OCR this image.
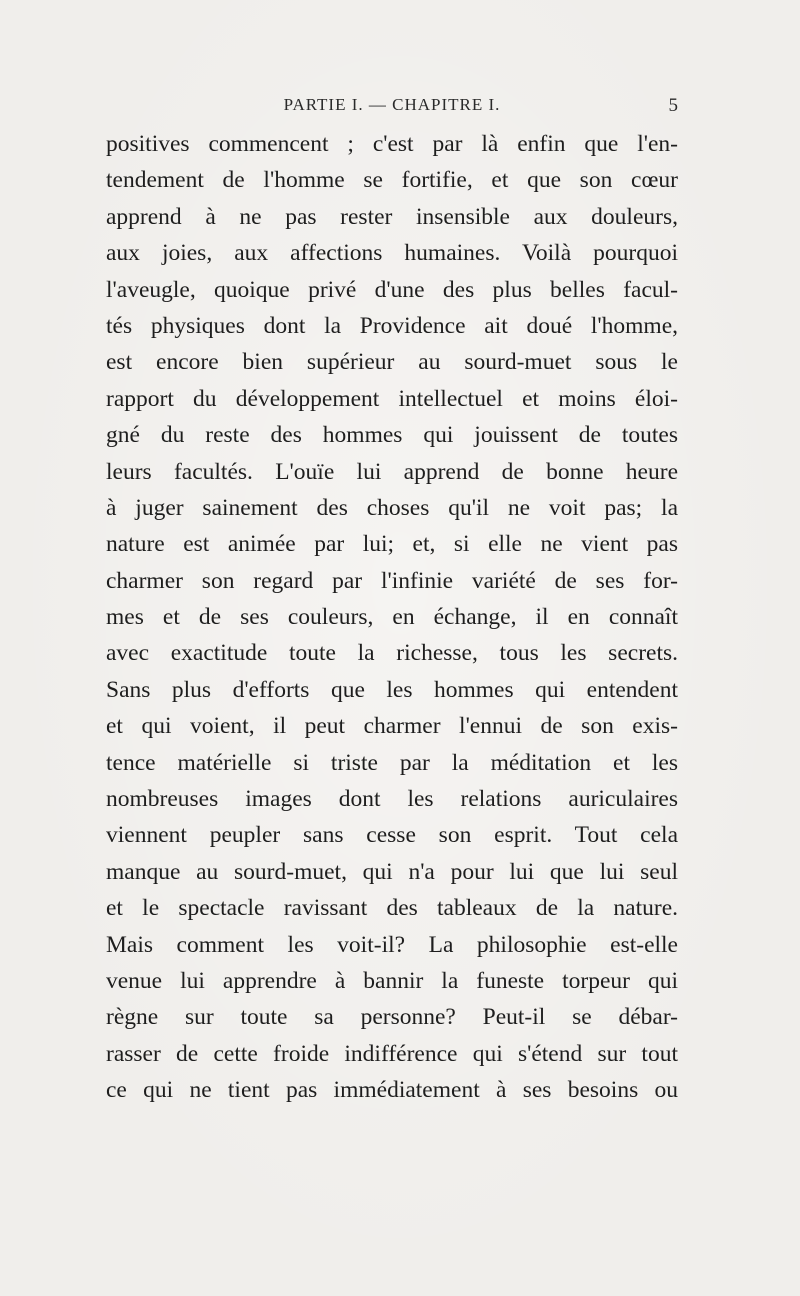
PARTIE I. — CHAPITRE I.	5
positives commencent ; c'est par là enfin que l'en-
tendement de l'homme se fortifie, et que son cœur
apprend à ne pas rester insensible aux douleurs,
aux joies, aux affections humaines. Voilà pourquoi
l'aveugle, quoique privé d'une des plus belles facul-
tés physiques dont la Providence ait doué l'homme,
est encore bien supérieur au sourd-muet sous le
rapport du développement intellectuel et moins éloi-
gné du reste des hommes qui jouissent de toutes
leurs facultés. L'ouïe lui apprend de bonne heure
à juger sainement des choses qu'il ne voit pas; la
nature est animée par lui; et, si elle ne vient pas
charmer son regard par l'infinie variété de ses for-
mes et de ses couleurs, en échange, il en connaît
avec exactitude toute la richesse, tous les secrets.
Sans plus d'efforts que les hommes qui entendent
et qui voient, il peut charmer l'ennui de son exis-
tence matérielle si triste par la méditation et les
nombreuses images dont les relations auriculaires
viennent peupler sans cesse son esprit. Tout cela
manque au sourd-muet, qui n'a pour lui que lui seul
et le spectacle ravissant des tableaux de la nature.
Mais comment les voit-il? La philosophie est-elle
venue lui apprendre à bannir la funeste torpeur qui
règne sur toute sa personne? Peut-il se débar-
rasser de cette froide indifférence qui s'étend sur tout
ce qui ne tient pas immédiatement à ses besoins ou
